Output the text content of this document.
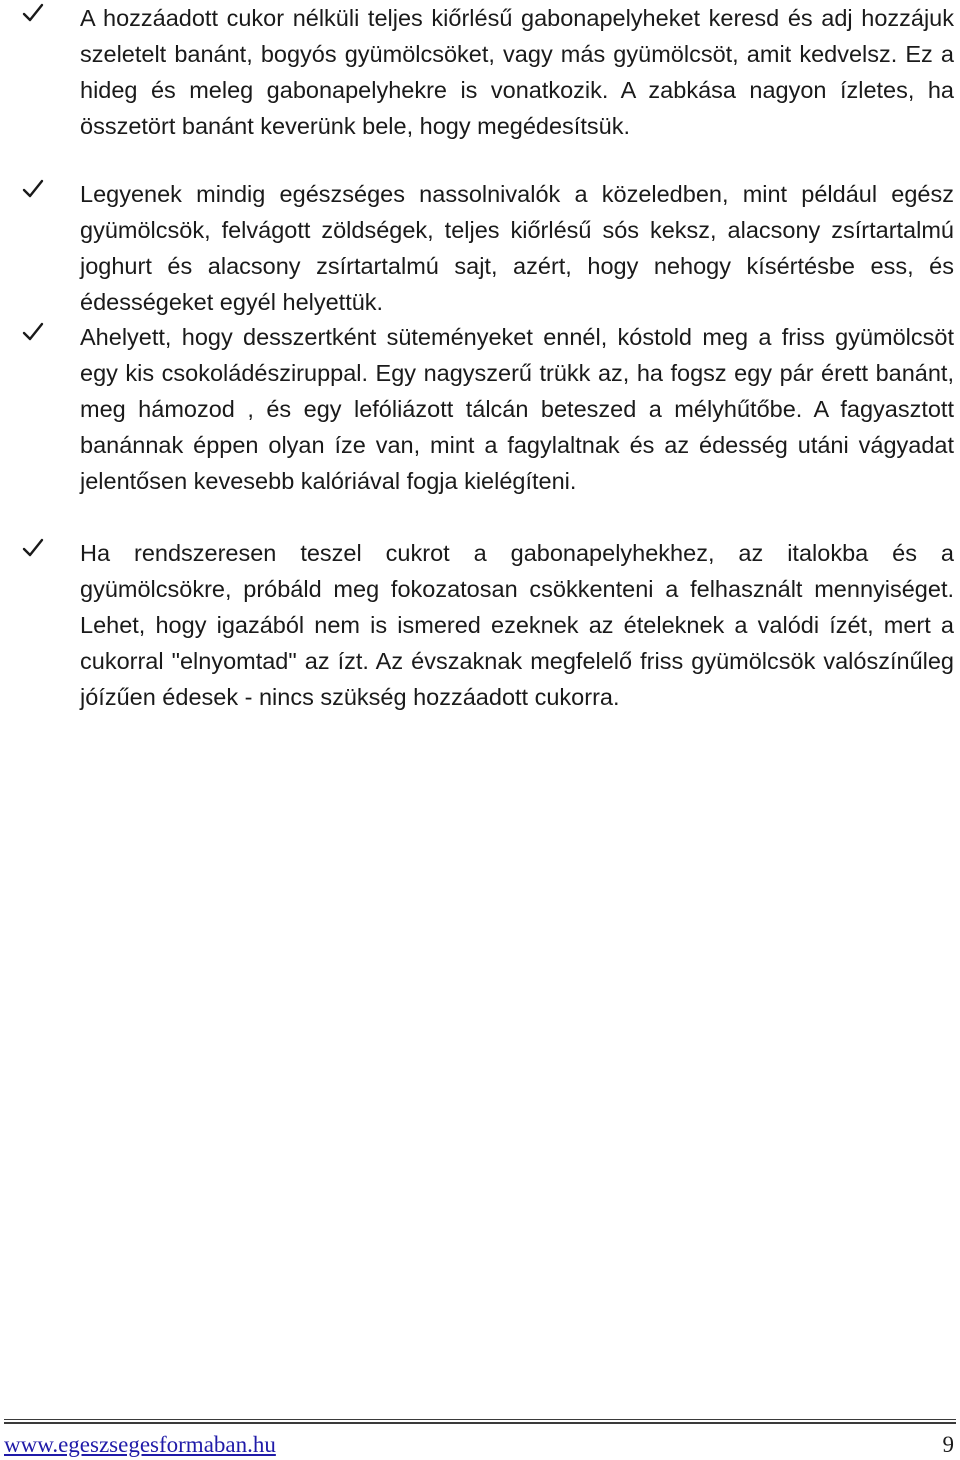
A hozzáadott cukor nélküli teljes kiőrlésű gabonapelyheket keresd és adj hozzájuk szeletelt banánt, bogyós gyümölcsöket, vagy más gyümölcsöt, amit kedvelsz. Ez a hideg és meleg gabonapelyhekre is vonatkozik. A zabkása nagyon ízletes, ha összetört banánt keverünk bele, hogy megédesítsük.
Legyenek mindig egészséges nassolnivalók a közeledben, mint például egész gyümölcsök, felvágott zöldségek, teljes kiőrlésű sós keksz, alacsony zsírtartalmú joghurt és alacsony zsírtartalmú sajt, azért, hogy nehogy kísértésbe ess, és édességeket egyél helyettük.
Ahelyett, hogy desszertként süteményeket ennél, kóstold meg a friss gyümölcsöt egy kis csokoládésziruppal. Egy nagyszerű trükk az, ha fogsz egy pár érett banánt, meg hámozod , és egy lefóliázott tálcán beteszed a mélyhűtőbe. A fagyasztott banánnak éppen olyan íze van, mint a fagylaltnak és az édesség utáni vágyadat jelentősen kevesebb kalóriával fogja kielégíteni.
Ha rendszeresen teszel cukrot a gabonapelyhekhez, az italokba és a gyümölcsökre, próbáld meg fokozatosan csökkenteni a felhasznált mennyiséget. Lehet, hogy igazából nem is ismered ezeknek az ételeknek a valódi ízét, mert a cukorral "elnyomtad" az ízt. Az évszaknak megfelelő friss gyümölcsök valószínűleg jóízűen édesek - nincs szükség hozzáadott cukorra.
www.egeszsegesformaban.hu	9
